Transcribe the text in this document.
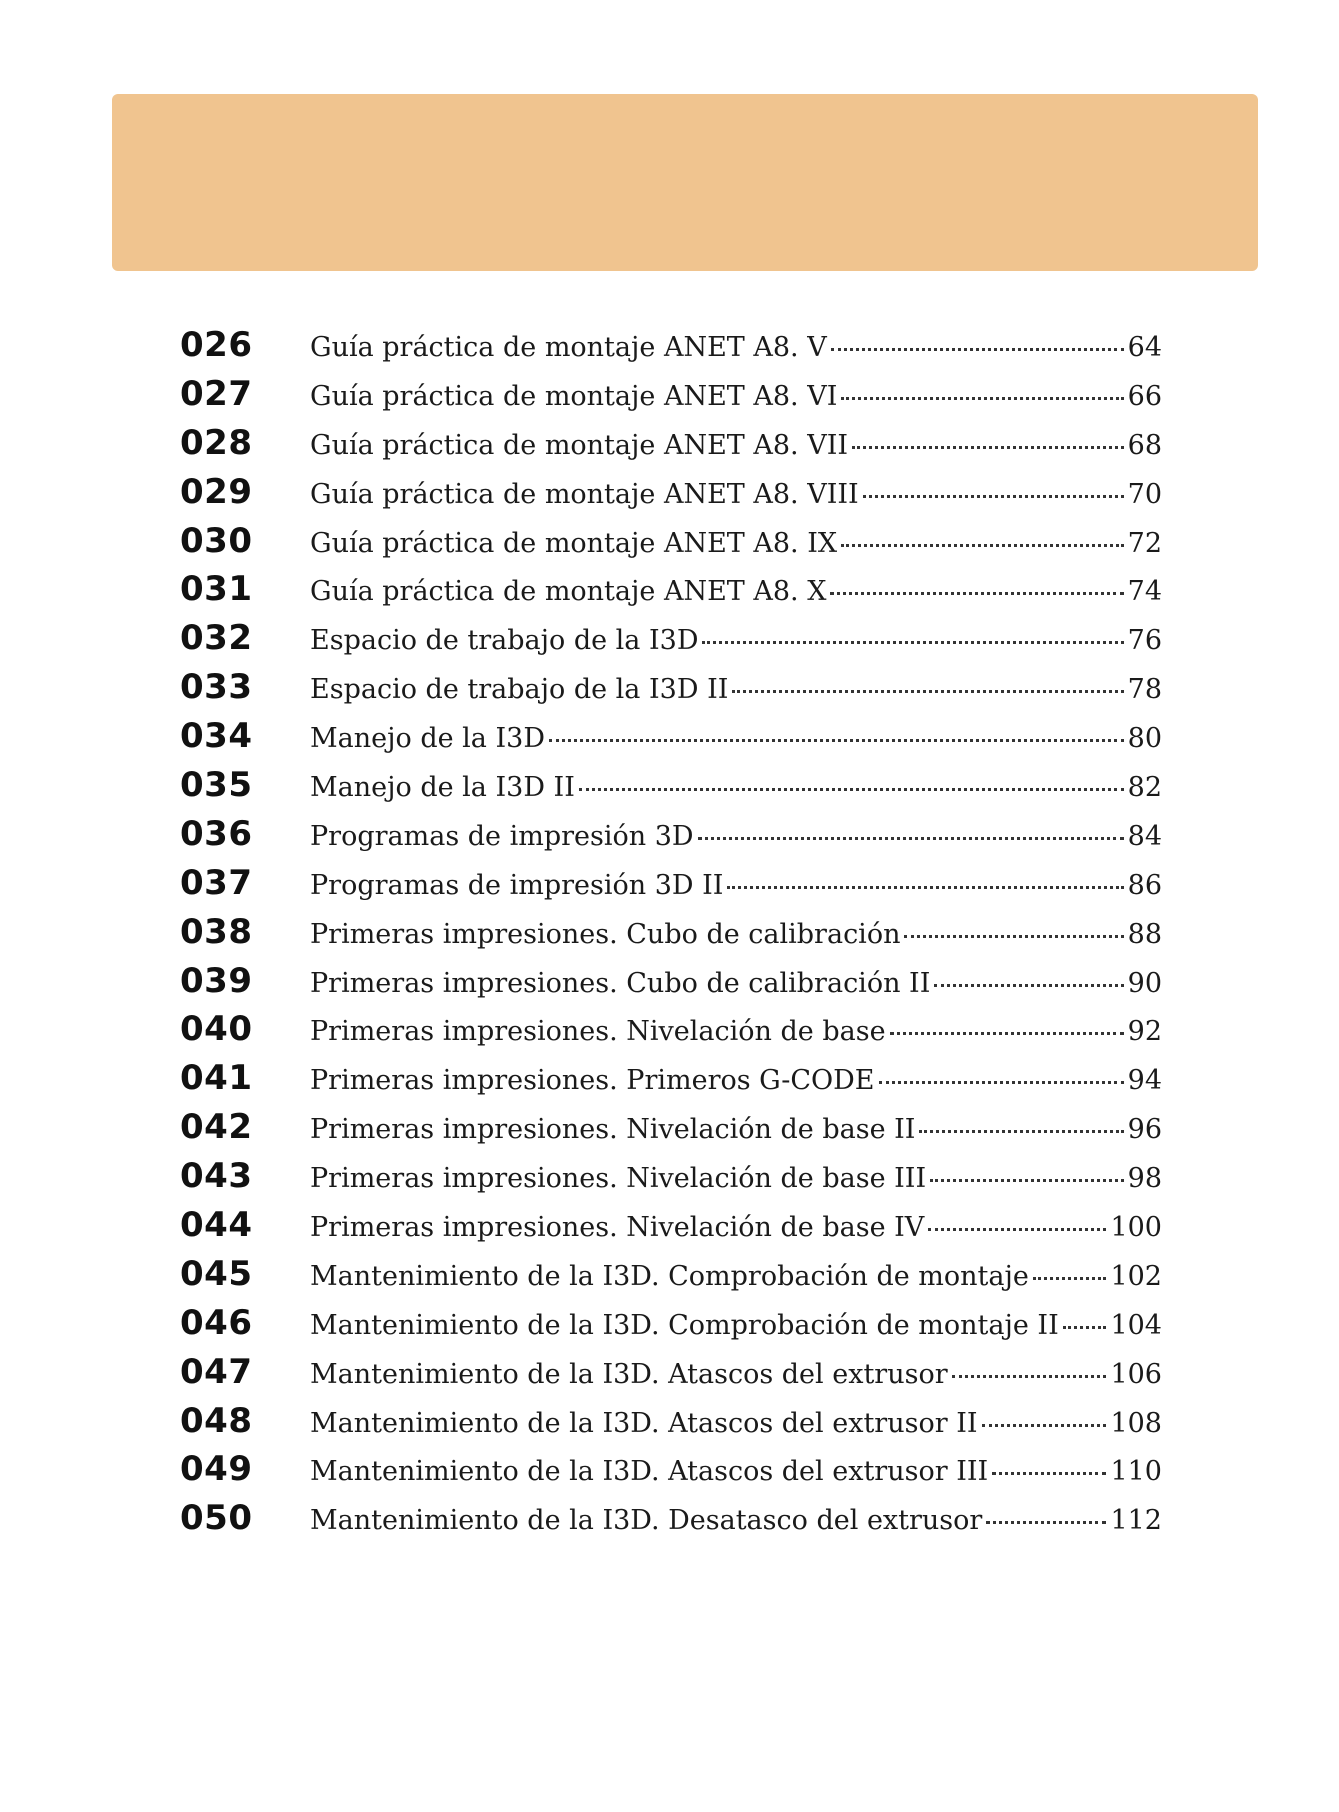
026	Guía práctica de montaje ANET A8. V	64
027	Guía práctica de montaje ANET A8. VI	66
028	Guía práctica de montaje ANET A8. VII	68
029	Guía práctica de montaje ANET A8. VIII	70
030	Guía práctica de montaje ANET A8. IX	72
031	Guía práctica de montaje ANET A8. X	74
032	Espacio de trabajo de la I3D	76
033	Espacio de trabajo de la I3D II	78
034	Manejo de la I3D	80
035	Manejo de la I3D II	82
036	Programas de impresión 3D	84
037	Programas de impresión 3D II	86
038	Primeras impresiones. Cubo de calibración	88
039	Primeras impresiones. Cubo de calibración II	90
040	Primeras impresiones. Nivelación de base	92
041	Primeras impresiones. Primeros G-CODE	94
042	Primeras impresiones. Nivelación de base II	96
043	Primeras impresiones. Nivelación de base III	98
044	Primeras impresiones. Nivelación de base IV	100
045	Mantenimiento de la I3D. Comprobación de montaje	102
046	Mantenimiento de la I3D. Comprobación de montaje II 104
047	Mantenimiento de la I3D. Atascos del extrusor	106
048	Mantenimiento de la I3D. Atascos del extrusor II	108
049	Mantenimiento de la I3D. Atascos del extrusor III	110
050	Mantenimiento de la I3D. Desatasco del extrusor	112
